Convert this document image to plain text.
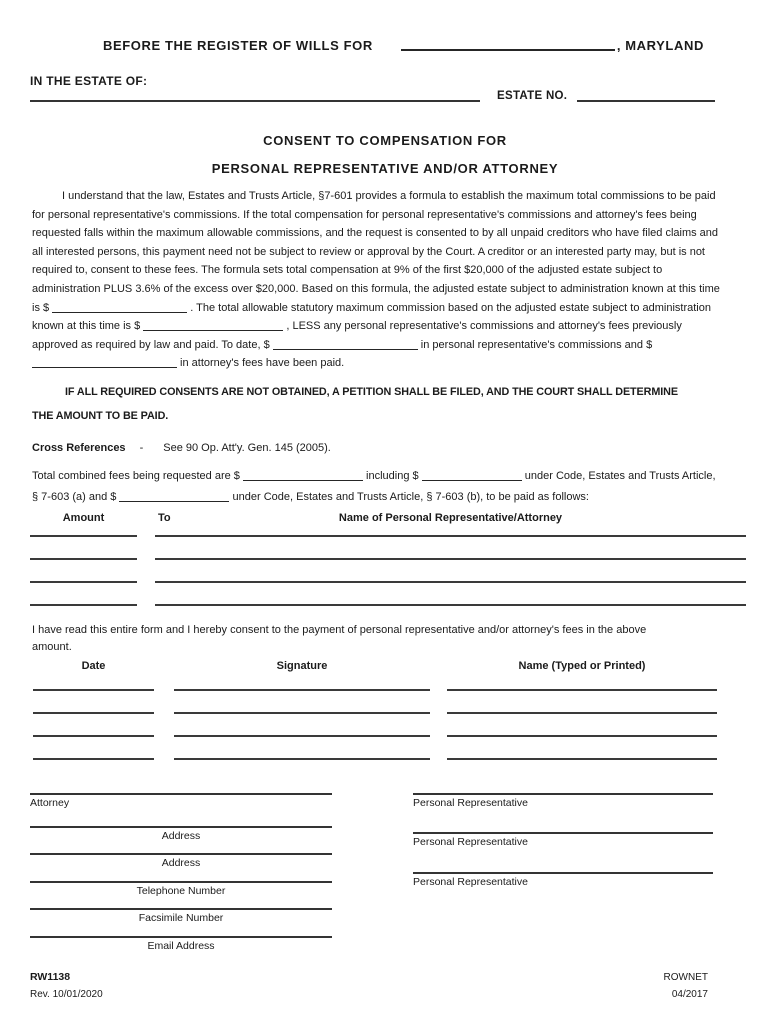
BEFORE THE REGISTER OF WILLS FOR	, MARYLAND
IN THE ESTATE OF:
ESTATE NO.
CONSENT TO COMPENSATION FOR
PERSONAL REPRESENTATIVE AND/OR ATTORNEY

I understand that the law, Estates and Trusts Article, §7-601 provides a formula to establish the maximum total commissions to be paid for personal representative's commissions. If the total compensation for personal representative's commissions and attorney's fees being requested falls within the maximum allowable commissions, and the request is consented to by all unpaid creditors who have filed claims and all interested persons, this payment need not be subject to review or approval by the Court. A creditor or an interested party may, but is not required to, consent to these fees. The formula sets total compensation at 9% of the first $20,000 of the adjusted estate subject to administration PLUS 3.6% of the excess over $20,000. Based on this formula, the adjusted estate subject to administration known at this time is $	. The total allowable statutory maximum commission based on the adjusted estate subject to administration known at this time is $	, LESS any personal representative's commissions and attorney's fees previously approved as required by law and paid. To date, $	in personal representative's commissions and $  in attorney's fees have been paid.

IF ALL REQUIRED CONSENTS ARE NOT OBTAINED, A PETITION SHALL BE FILED, AND THE COURT SHALL DETERMINE THE AMOUNT TO BE PAID.

Cross References - See 90 Op. Att'y. Gen. 145 (2005).

Total combined fees being requested are $	including $	under Code, Estates and Trusts Article, § 7-603 (a) and $	under Code, Estates and Trusts Article, § 7-603 (b), to be paid as follows:

Amount	To	Name of Personal Representative/Attorney

I have read this entire form and I hereby consent to the payment of personal representative and/or attorney's fees in the above amount.

Date	Signature	Name (Typed or Printed)
Attorney
Address
Address
Telephone Number
Facsimile Number
Email Address
Personal Representative
Personal Representative
Personal Representative
RW1138
Rev. 10/01/2020
ROWNET
04/2017
